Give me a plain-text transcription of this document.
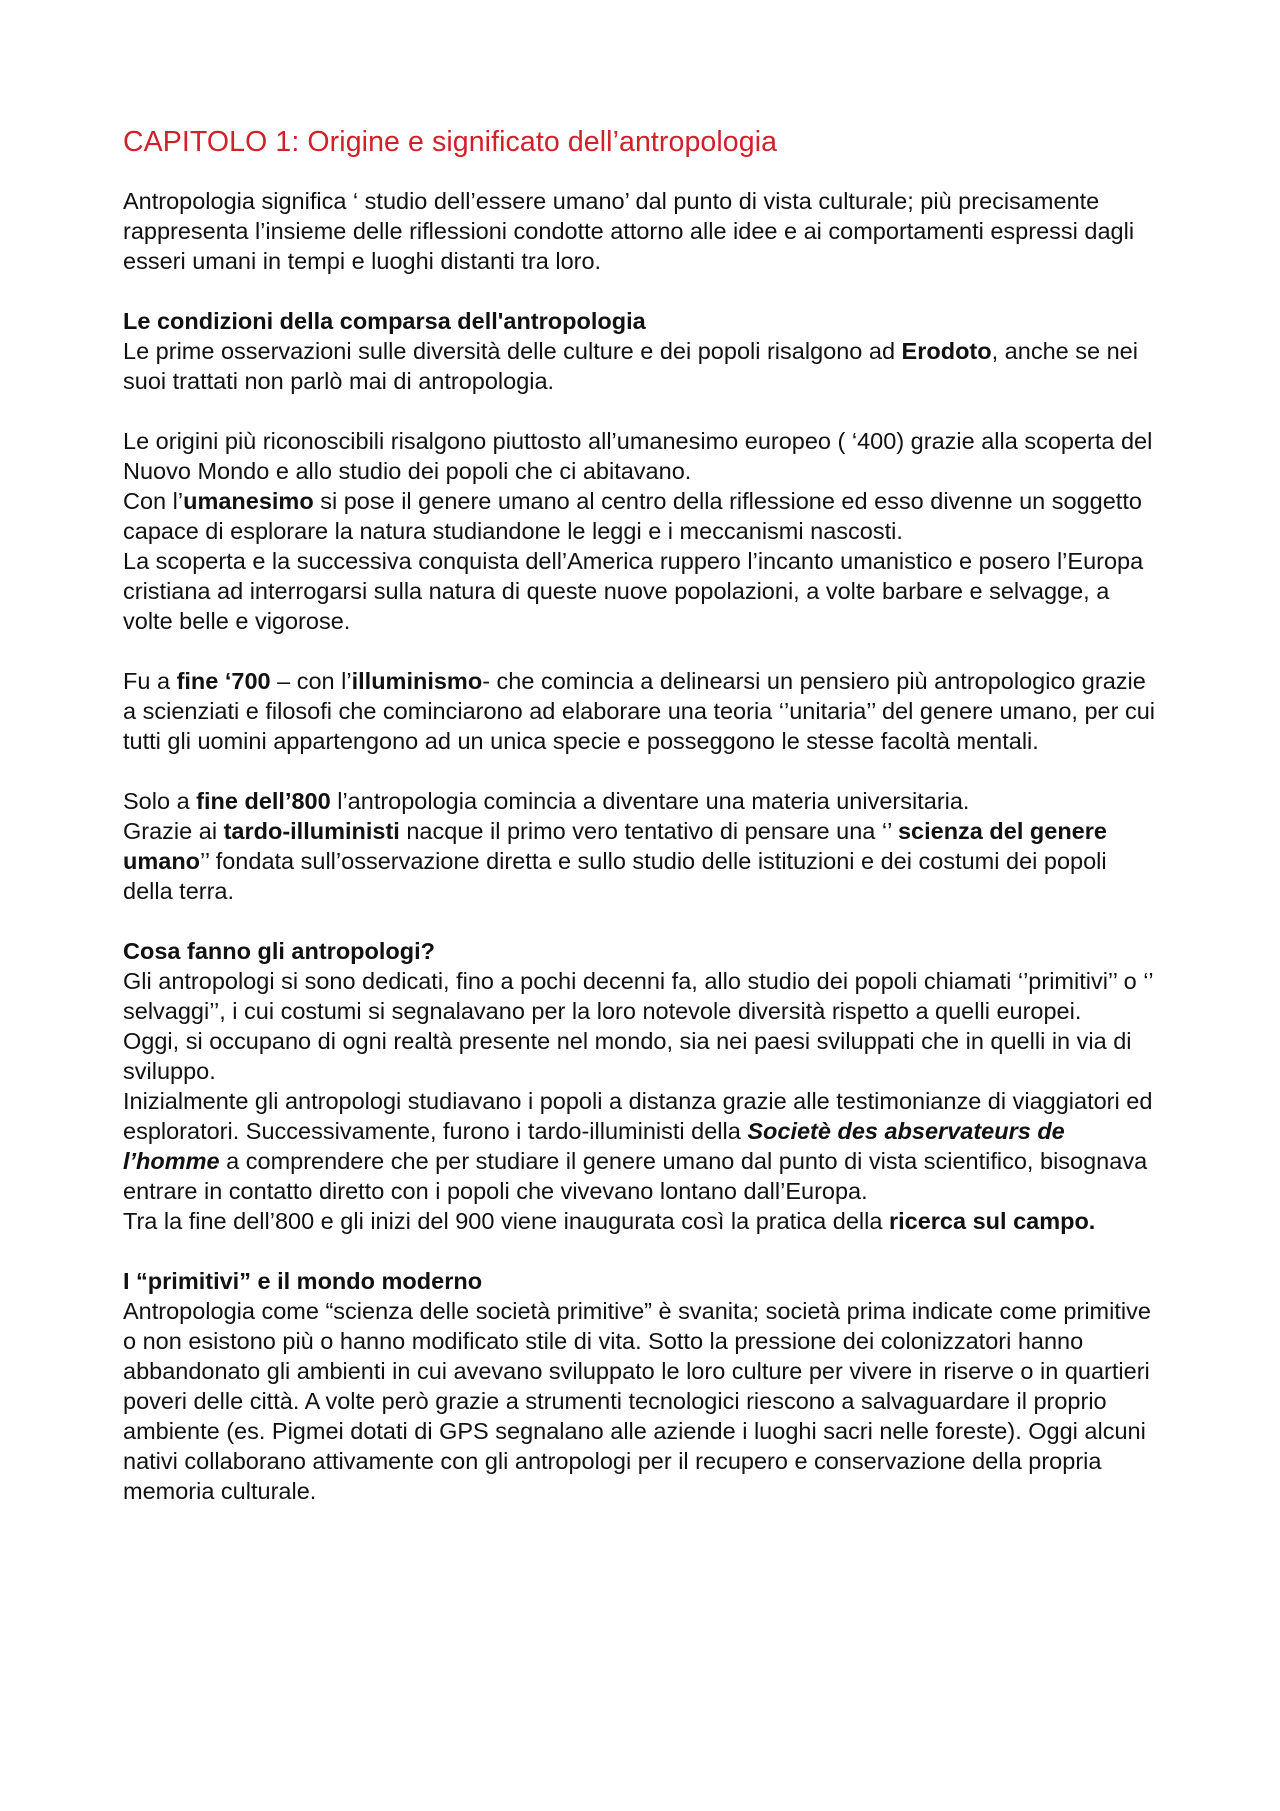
CAPITOLO 1: Origine e significato dell’antropologia

Antropologia significa ‘ studio dell’essere umano’ dal punto di vista culturale; più precisamente rappresenta l’insieme delle riflessioni condotte attorno alle idee e ai comportamenti espressi dagli esseri umani in tempi e luoghi distanti tra loro.

Le condizioni della comparsa dell'antropologia

Le prime osservazioni sulle diversità delle culture e dei popoli risalgono ad Erodoto, anche se nei suoi trattati non parlò mai di antropologia.

Le origini più riconoscibili risalgono piuttosto all’umanesimo europeo ( ‘400) grazie alla scoperta del Nuovo Mondo e allo studio dei popoli che ci abitavano.

Con l’umanesimo si pose il genere umano al centro della riflessione ed esso divenne un soggetto capace di esplorare la natura studiandone le leggi e i meccanismi nascosti.

La scoperta e la successiva conquista dell’America ruppero l’incanto umanistico e posero l’Europa cristiana ad interrogarsi sulla natura di queste nuove popolazioni, a volte barbare e selvagge, a volte belle e vigorose.

Fu a fine ‘700 – con l’illuminismo- che comincia a delinearsi un pensiero più antropologico grazie a scienziati e filosofi che cominciarono ad elaborare una teoria ‘’unitaria’’ del genere umano, per cui tutti gli uomini appartengono ad un unica specie e posseggono le stesse facoltà mentali.

Solo a fine dell’800 l’antropologia comincia a diventare una materia universitaria.

Grazie ai tardo-illuministi nacque il primo vero tentativo di pensare una ‘’ scienza del genere umano’’ fondata sull’osservazione diretta e sullo studio delle istituzioni e dei costumi dei popoli della terra.

Cosa fanno gli antropologi?

Gli antropologi si sono dedicati, fino a pochi decenni fa, allo studio dei popoli chiamati ‘’primitivi’’ o ‘’ selvaggi’’, i cui costumi si segnalavano per la loro notevole diversità rispetto a quelli europei.

Oggi, si occupano di ogni realtà presente nel mondo, sia nei paesi sviluppati che in quelli in via di sviluppo.

Inizialmente gli antropologi studiavano i popoli a distanza grazie alle testimonianze di viaggiatori ed esploratori. Successivamente, furono i tardo-illuministi della Societè des abservateurs de l’homme a comprendere che per studiare il genere umano dal punto di vista scientifico, bisognava entrare in contatto diretto con i popoli che vivevano lontano dall’Europa.

Tra la fine dell’800 e gli inizi del 900 viene inaugurata così la pratica della ricerca sul campo.

I “primitivi” e il mondo moderno

Antropologia come “scienza delle società primitive” è svanita; società prima indicate come primitive o non esistono più o hanno modificato stile di vita. Sotto la pressione dei colonizzatori hanno abbandonato gli ambienti in cui avevano sviluppato le loro culture per vivere in riserve o in quartieri poveri delle città. A volte però grazie a strumenti tecnologici riescono a salvaguardare il proprio ambiente (es. Pigmei dotati di GPS segnalano alle aziende i luoghi sacri nelle foreste). Oggi alcuni nativi collaborano attivamente con gli antropologi per il recupero e conservazione della propria memoria culturale.
